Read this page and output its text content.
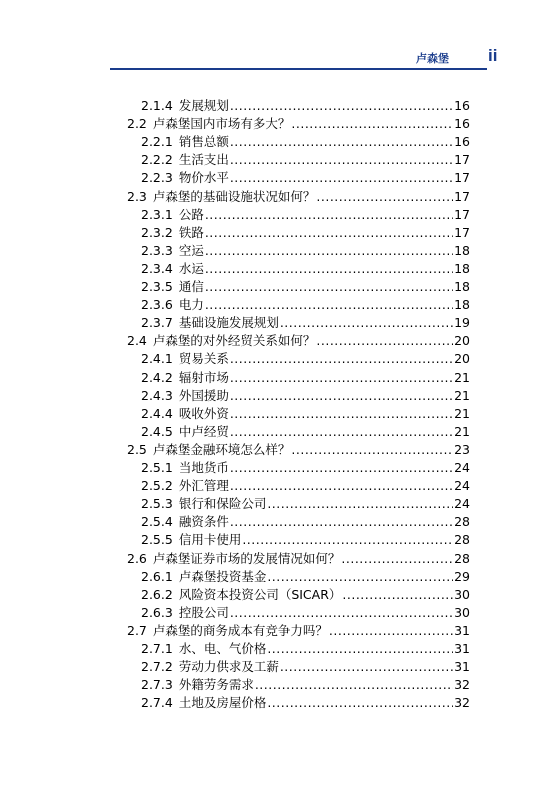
卢森堡 ii
2.1.4 发展规划 .....	16
2.2 卢森堡国内市场有多大？ .....	16
2.2.1 销售总额 .....	16
2.2.2 生活支出 .....	17
2.2.3 物价水平 .....	17
2.3 卢森堡的基础设施状况如何？ .....	17
2.3.1 公路 .....	17
2.3.2 铁路 .....	17
2.3.3 空运 .....	18
2.3.4 水运 .....	18
2.3.5 通信 .....	18
2.3.6 电力 .....	18
2.3.7 基础设施发展规划 .....	19
2.4 卢森堡的对外经贸关系如何？ .....	20
2.4.1 贸易关系 .....	20
2.4.2 辐射市场 .....	21
2.4.3 外国援助 .....	21
2.4.4 吸收外资 .....	21
2.4.5 中卢经贸 .....	21
2.5 卢森堡金融环境怎么样？ .....	23
2.5.1 当地货币 .....	24
2.5.2 外汇管理 .....	24
2.5.3 银行和保险公司 .....	24
2.5.4 融资条件 .....	28
2.5.5 信用卡使用 .....	28
2.6 卢森堡证券市场的发展情况如何？ .....	28
2.6.1 卢森堡投资基金 .....	29
2.6.2 风险资本投资公司（SICAR） .....	30
2.6.3 控股公司 .....	30
2.7 卢森堡的商务成本有竞争力吗？ .....	31
2.7.1 水、电、气价格 .....	31
2.7.2 劳动力供求及工薪 .....	31
2.7.3 外籍劳务需求 .....	32
2.7.4 土地及房屋价格 .....	32
